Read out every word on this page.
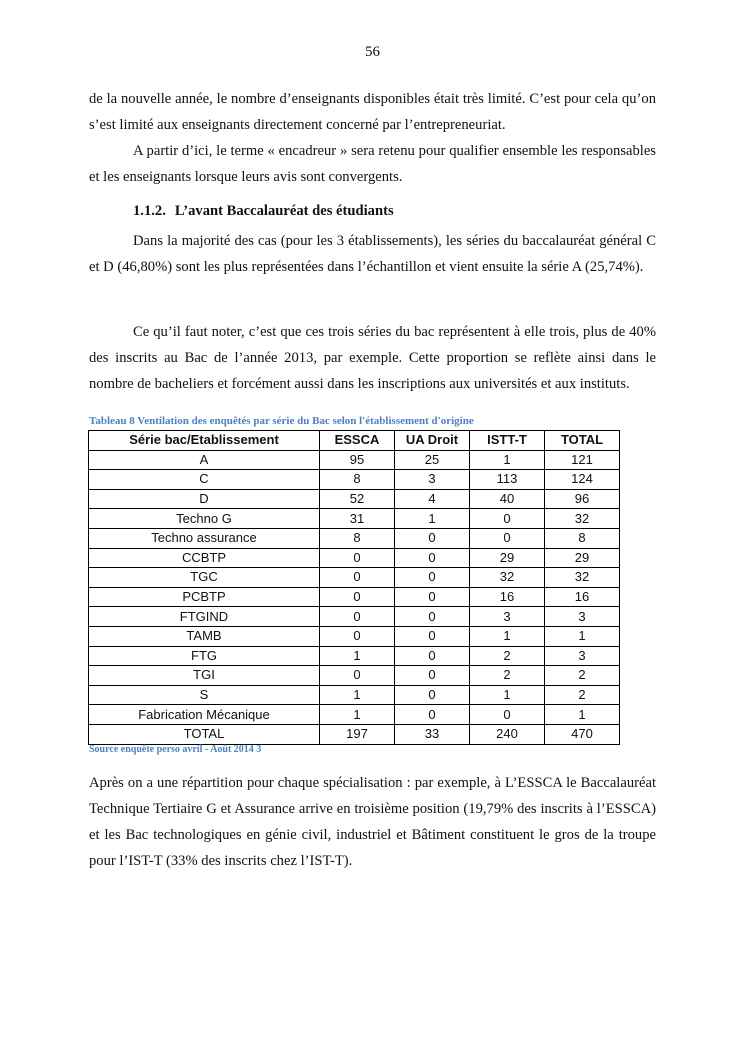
56

de la nouvelle année, le nombre d’enseignants disponibles était très limité. C’est pour cela qu’on s’est limité aux enseignants directement concerné par l’entrepreneuriat.

A partir d’ici, le terme « encadreur » sera retenu pour qualifier ensemble les responsables et les enseignants lorsque leurs avis sont convergents.

1.1.2. L’avant Baccalauréat des étudiants

Dans la majorité des cas (pour les 3 établissements), les séries du baccalauréat général C et D (46,80%) sont les plus représentées dans l’échantillon et vient ensuite la série A (25,74%).

Ce qu’il faut noter, c’est que ces trois séries du bac représentent à elle trois, plus de 40% des inscrits au Bac de l’année 2013, par exemple. Cette proportion se reflète ainsi dans le nombre de bacheliers et forcément aussi dans les inscriptions aux universités et aux instituts.

Tableau 8 Ventilation des enquêtés par série du Bac selon l'établissement d'origine
Série bac/Etablissement	ESSCA	UA Droit	ISTT-T	TOTAL
A	95	25	1	121
C	8	3	113	124
D	52	4	40	96
Techno G	31	1	0	32
Techno assurance	8	0	0	8
CCBTP	0	0	29	29
TGC	0	0	32	32
PCBTP	0	0	16	16
FTGIND	0	0	3	3
TAMB	0	0	1	1
FTG	1	0	2	3
TGI	0	0	2	2
S	1	0	1	2
Fabrication Mécanique	1	0	0	1
TOTAL	197	33	240	470
Source enquête perso avril - Août 2014 3

Après on a une répartition pour chaque spécialisation : par exemple, à L’ESSCA le Baccalauréat Technique Tertiaire G et Assurance arrive en troisième position (19,79% des inscrits à l’ESSCA) et les Bac technologiques en génie civil, industriel et Bâtiment constituent le gros de la troupe pour l’IST-T (33% des inscrits chez l’IST-T).
